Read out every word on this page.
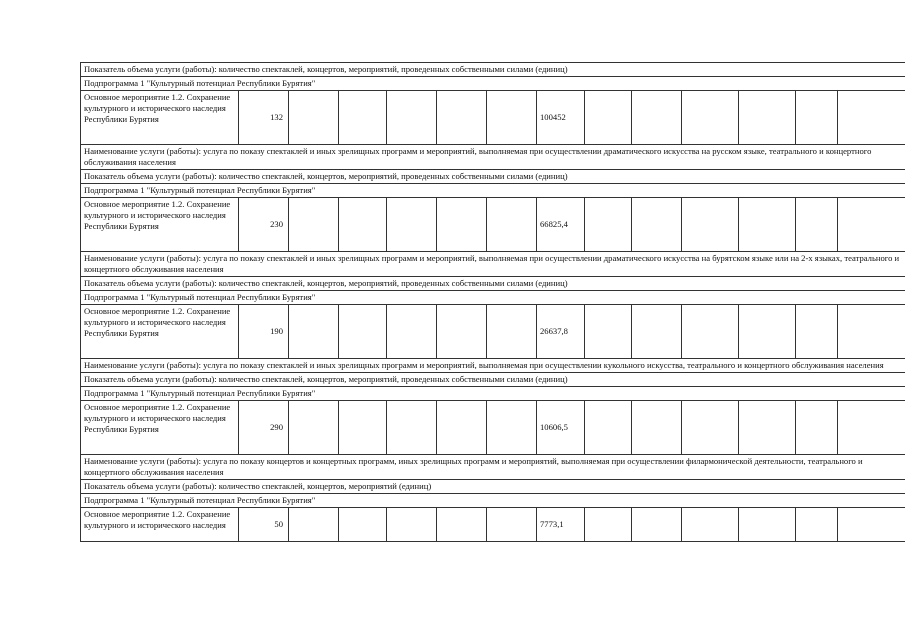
Показатель объема услуги (работы): количество спектаклей, концертов, мероприятий, проведенных собственными силами (единиц)													
Подпрограмма 1 "Культурный потенциал Республики Бурятия"													
Основное мероприятие 1.2. Сохранение культурного и исторического наследия Республики Бурятия	132						100452						
Наименование услуги (работы): услуга по показу спектаклей и иных зрелищных программ и мероприятий, выполняемая при осуществлении драматического искусства на русском языке, театрального и концертного обслуживания населения													
Показатель объема услуги (работы): количество спектаклей, концертов, мероприятий, проведенных собственными силами (единиц)													
Подпрограмма 1 "Культурный потенциал Республики Бурятия"													
Основное мероприятие 1.2. Сохранение культурного и исторического наследия Республики Бурятия	230						66825,4						
Наименование услуги (работы): услуга по показу спектаклей и иных зрелищных программ и мероприятий, выполняемая при осуществлении драматического искусства на бурятском языке или на 2-х языках, театрального и концертного обслуживания населения													
Показатель объема услуги (работы): количество спектаклей, концертов, мероприятий, проведенных собственными силами (единиц)													
Подпрограмма 1 "Культурный потенциал Республики Бурятия"													
Основное мероприятие 1.2. Сохранение культурного и исторического наследия Республики Бурятия	190						26637,8						
Наименование услуги (работы): услуга по показу спектаклей и иных зрелищных программ и мероприятий, выполняемая при осуществлении кукольного искусства, театрального и концертного обслуживания населения													
Показатель объема услуги (работы): количество спектаклей, концертов, мероприятий, проведенных собственными силами (единиц)													
Подпрограмма 1 "Культурный потенциал Республики Бурятия"													
Основное мероприятие 1.2. Сохранение культурного и исторического наследия Республики Бурятия	290						10606,5						
Наименование услуги (работы): услуга по показу концертов и концертных программ, иных зрелищных программ и мероприятий, выполняемая при осуществлении филармонической деятельности, театрального и концертного обслуживания населения													
Показатель объема услуги (работы): количество спектаклей, концертов, мероприятий (единиц)													
Подпрограмма 1 "Культурный потенциал Республики Бурятия"													
Основное мероприятие 1.2. Сохранение культурного и исторического наследия	50						7773,1						
